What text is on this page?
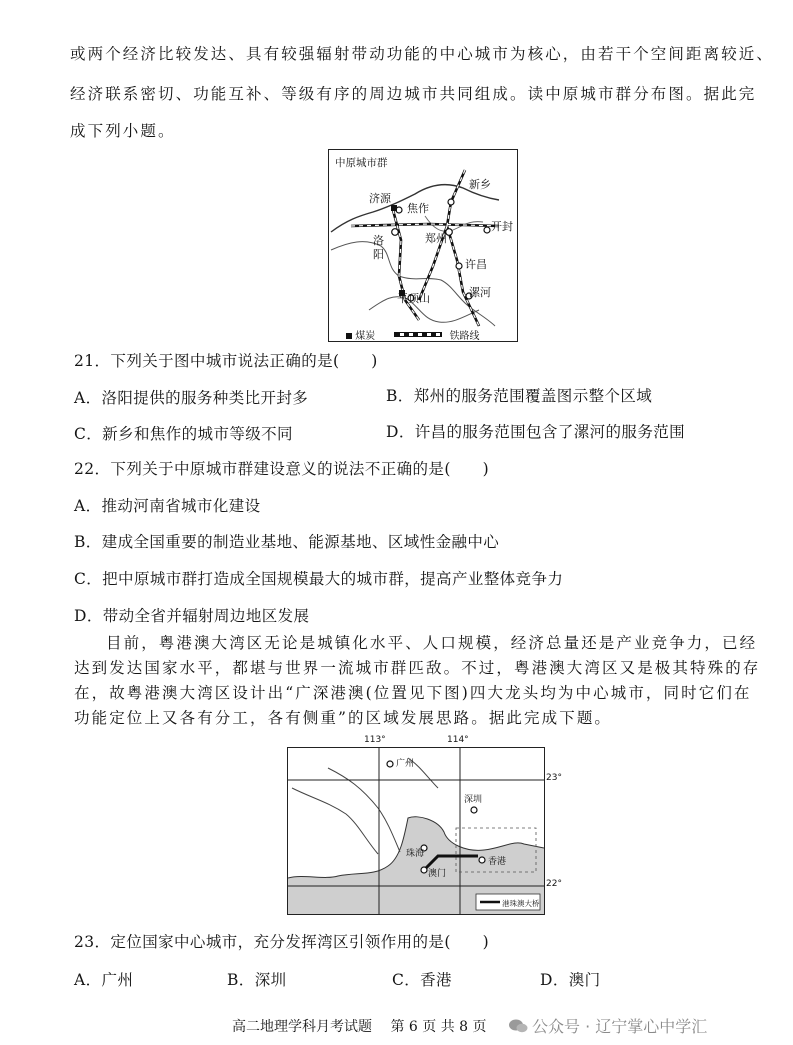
或两个经济比较发达、具有较强辐射带动功能的中心城市为核心，由若干个空间距离较近、
经济联系密切、功能互补、等级有序的周边城市共同组成。读中原城市群分布图。据此完
成下列小题。
中原城市群
济源
焦作
新乡
洛
阳
郑州
开封
许昌
漯河
平顶山
煤炭	铁路线
21．下列关于图中城市说法正确的是(　　)
A．洛阳提供的服务种类比开封多	B．郑州的服务范围覆盖图示整个区域
C．新乡和焦作的城市等级不同	D．许昌的服务范围包含了漯河的服务范围
22．下列关于中原城市群建设意义的说法不正确的是(　　)
A．推动河南省城市化建设
B．建成全国重要的制造业基地、能源基地、区域性金融中心
C．把中原城市群打造成全国规模最大的城市群，提高产业整体竞争力
D．带动全省并辐射周边地区发展
目前，粤港澳大湾区无论是城镇化水平、人口规模，经济总量还是产业竞争力，已经
达到发达国家水平，都堪与世界一流城市群匹敌。不过，粤港澳大湾区又是极其特殊的存
在，故粤港澳大湾区设计出“广深港澳(位置见下图)四大龙头均为中心城市，同时它们在
功能定位上又各有分工，各有侧重”的区域发展思路。据此完成下题。
广州
深圳
珠海
澳门
香港
港珠澳大桥
113°	114°
23°
22°
23．定位国家中心城市，充分发挥湾区引领作用的是(　　)
A．广州	B．深圳	C．香港	D．澳门
高二地理学科月考试题　 第 6 页 共 8 页	公众号 · 辽宁掌心中学汇
